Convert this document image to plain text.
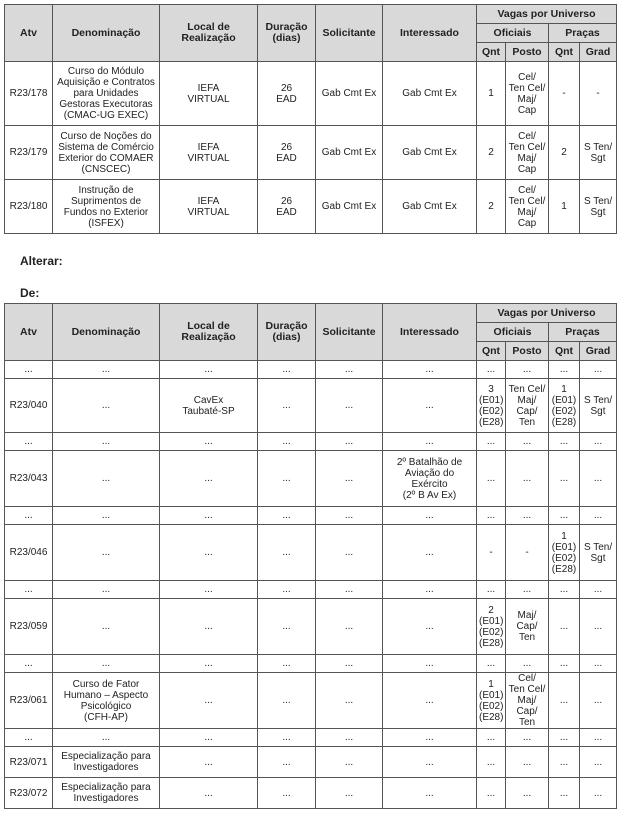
Atv	Denominação	Local de
Realização	Duração
(dias)	Solicitante	Interessado	Vagas por Universo			
						Oficiais		Praças	
						Qnt	Posto	Qnt	Grad
R23/178	Curso do Módulo
Aquisição e Contratos
para Unidades
Gestoras Executoras
(CMAC-UG EXEC)	IEFA
VIRTUAL	26
EAD	Gab Cmt Ex	Gab Cmt Ex	1	Cel/
Ten Cel/
Maj/
Cap	-	-
R23/179	Curso de Noções do
Sistema de Comércio
Exterior do COMAER
(CNSCEC)	IEFA
VIRTUAL	26
EAD	Gab Cmt Ex	Gab Cmt Ex	2	Cel/
Ten Cel/
Maj/
Cap	2	S Ten/
Sgt
R23/180	Instrução de
Suprimentos de
Fundos no Exterior
(ISFEX)	IEFA
VIRTUAL	26
EAD	Gab Cmt Ex	Gab Cmt Ex	2	Cel/
Ten Cel/
Maj/
Cap	1	S Ten/
Sgt
Alterar:
De:
Atv	Denominação	Local de
Realização	Duração
(dias)	Solicitante	Interessado	Vagas por Universo			
						Oficiais		Praças	
						Qnt	Posto	Qnt	Grad
...	...	...	...	...	...	...	...	...	...
R23/040	...	CavEx
Taubaté-SP	...	...	...	3
(E01)
(E02)
(E28)	Ten Cel/
Maj/
Cap/
Ten	1
(E01)
(E02)
(E28)	S Ten/
Sgt
...	...	...	...	...	...	...	...	...	...
R23/043	...	...	...	...	2º Batalhão de
Aviação do
Exército
(2º B Av Ex)	...	...	...	...
...	...	...	...	...	...	...	...	...	...
R23/046	...	...	...	...	...	-	-	1
(E01)
(E02)
(E28)	S Ten/
Sgt
...	...	...	...	...	...	...	...	...	...
R23/059	...	...	...	...	...	2
(E01)
(E02)
(E28)	Maj/
Cap/
Ten	...	...
...	...	...	...	...	...	...	...	...	...
R23/061	Curso de Fator
Humano – Aspecto
Psicológico
(CFH-AP)	...	...	...	...	1
(E01)
(E02)
(E28)	Cel/
Ten Cel/
Maj/
Cap/
Ten	...	...
...	...	...	...	...	...	...	...	...	...
R23/071	Especialização para
Investigadores	...	...	...	...	...	...	...	...
R23/072	Especialização para
Investigadores	...	...	...	...	...	...	...	...
